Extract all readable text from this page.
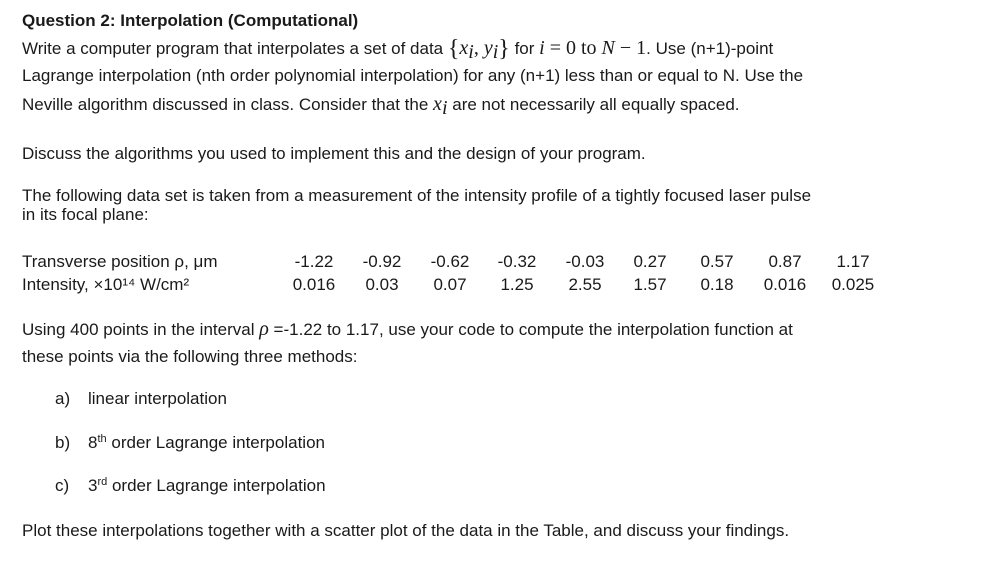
Question 2: Interpolation (Computational)
Write a computer program that interpolates a set of data {$x_i$, $y_i$} for i = 0 to N − 1. Use (n+1)-point
Lagrange interpolation (nth order polynomial interpolation) for any (n+1) less than or equal to N. Use the
Neville algorithm discussed in class. Consider that the $x_i$ are not necessarily all equally spaced.
Discuss the algorithms you used to implement this and the design of your program.
The following data set is taken from a measurement of the intensity profile of a tightly focused laser pulse
in its focal plane:
Transverse position ρ, μm	-1.22	-0.92	-0.62	-0.32	-0.03	0.27	0.57	0.87	1.17
Intensity, ×10¹⁴ W/cm²	0.016	0.03	0.07	1.25	2.55	1.57	0.18	0.016	0.025
Using 400 points in the interval ρ =-1.22 to 1.17, use your code to compute the interpolation function at
these points via the following three methods:
a) linear interpolation
b) 8th order Lagrange interpolation
c) 3rd order Lagrange interpolation
Plot these interpolations together with a scatter plot of the data in the Table, and discuss your findings.
